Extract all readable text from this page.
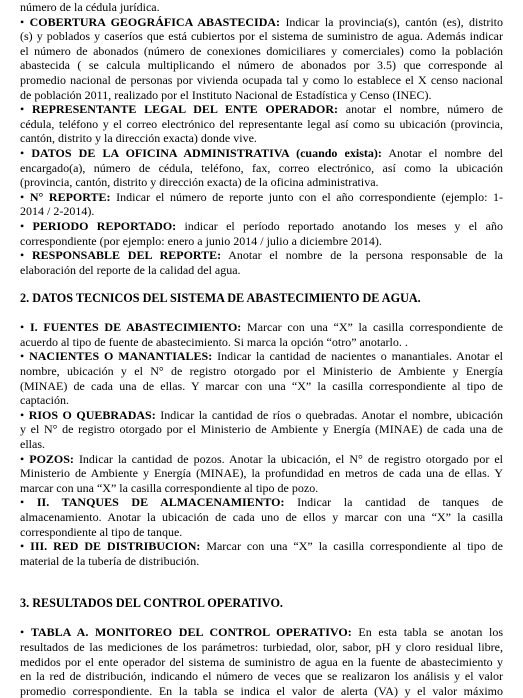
número de la cédula jurídica.
• COBERTURA GEOGRÁFICA ABASTECIDA: Indicar la provincia(s), cantón (es), distrito
(s) y poblados y caseríos que está cubiertos por el sistema de suministro de agua. Además indicar
el número de abonados (número de conexiones domiciliares y comerciales) como la población
abastecida ( se calcula multiplicando el número de abonados por 3.5) que corresponde al
promedio nacional de personas por vivienda ocupada tal y como lo establece el X censo nacional
de población 2011, realizado por el Instituto Nacional de Estadística y Censo (INEC).
• REPRESENTANTE LEGAL DEL ENTE OPERADOR: anotar el nombre, número de
cédula, teléfono y el correo electrónico del representante legal así como su ubicación (provincia,
cantón, distrito y la dirección exacta) donde vive.
• DATOS DE LA OFICINA ADMINISTRATIVA (cuando exista): Anotar el nombre del
encargado(a), número de cédula, teléfono, fax, correo electrónico, así como la ubicación
(provincia, cantón, distrito y dirección exacta) de la oficina administrativa.
• N° REPORTE: Indicar el número de reporte junto con el año correspondiente (ejemplo: 1-
2014 / 2-2014).
• PERIODO REPORTADO: indicar el período reportado anotando los meses y el año
correspondiente (por ejemplo: enero a junio 2014 / julio a diciembre 2014).
• RESPONSABLE DEL REPORTE: Anotar el nombre de la persona responsable de la
elaboración del reporte de la calidad del agua.
2. DATOS TECNICOS DEL SISTEMA DE ABASTECIMIENTO DE AGUA.
• I. FUENTES DE ABASTECIMIENTO: Marcar con una “X” la casilla correspondiente de
acuerdo al tipo de fuente de abastecimiento. Si marca la opción “otro” anotarlo. .
• NACIENTES O MANANTIALES: Indicar la cantidad de nacientes o manantiales. Anotar el
nombre, ubicación y el N° de registro otorgado por el Ministerio de Ambiente y Energía
(MINAE) de cada una de ellas. Y marcar con una “X” la casilla correspondiente al tipo de
captación.
• RIOS O QUEBRADAS: Indicar la cantidad de ríos o quebradas. Anotar el nombre, ubicación
y el N° de registro otorgado por el Ministerio de Ambiente y Energía (MINAE) de cada una de
ellas.
• POZOS: Indicar la cantidad de pozos. Anotar la ubicación, el N° de registro otorgado por el
Ministerio de Ambiente y Energía (MINAE), la profundidad en metros de cada una de ellas. Y
marcar con una “X” la casilla correspondiente al tipo de pozo.
• II. TANQUES DE ALMACENAMIENTO: Indicar la cantidad de tanques de
almacenamiento. Anotar la ubicación de cada uno de ellos y marcar con una “X” la casilla
correspondiente al tipo de tanque.
• III. RED DE DISTRIBUCION: Marcar con una “X” la casilla correspondiente al tipo de
material de la tubería de distribución.
3. RESULTADOS DEL CONTROL OPERATIVO.
• TABLA A. MONITOREO DEL CONTROL OPERATIVO: En esta tabla se anotan los
resultados de las mediciones de los parámetros: turbiedad, olor, sabor, pH y cloro residual libre,
medidos por el ente operador del sistema de suministro de agua en la fuente de abastecimiento y
en la red de distribución, indicando el número de veces que se realizaron los análisis y el valor
promedio correspondiente. En la tabla se indica el valor de alerta (VA) y el valor máximo
